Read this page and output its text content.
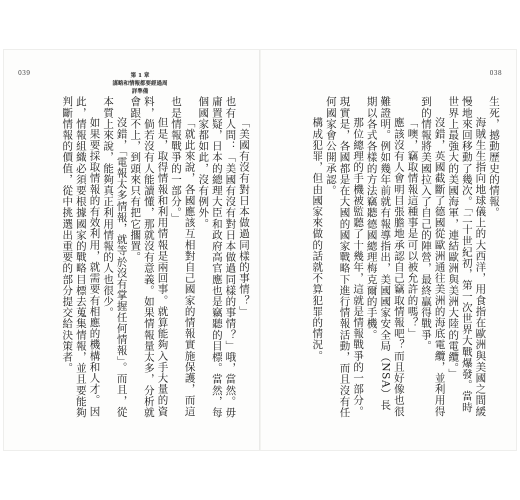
039	038
第 1 章
謀略和情報都要經過周詳準備

「美國有沒有對日本做過同樣的事情？」

也有人問：「美國有沒有對日本做過同樣的事情？」哦，當然。毋庸置疑，日本的總理大臣和政府高官應也是竊聽的目標。當然，每個國家都如此，沒有例外。

「就此來說，各國應該互相對自己國家的情報實施保護，而這也是情報戰爭的一部分。」

但是，取得情報和利用情報是兩回事。就算能夠入手大量的資料，倘若沒有人能讀懂，那就沒有意義。如果情報量太多，分析就會跟不上，到頭來只有把它擱置。

沒錯，「電報太多情報，就等於沒有掌握任何情報」。而且，從本質上來說，能夠真正利用情報的人也很少。

如果要採取情報的有效利用，就需要有相應的機構和人才。因此，情報組織必須要根據國家的戰略目標去蒐集情報，並且要能夠判斷情報的價值，從中挑選出重要的部分提交給決策者。	生死，撼動歷史的情報。

海賊生生指向地球儀上的大西洋，用食指在歐洲與美國之間緩慢地來回移動了幾次。「二十世紀初，第一次世界大戰爆發。當時世界上最強大的美國海軍，連結歐洲與美洲大陸的電纜。」

沒錯，英國截斷了德國從歐洲通往美洲的海底電纜，並利用得到的情報將美國拉入了自己的陣營，最終贏得戰爭。

「噢，竊取情報這種事是可以被允許的嗎？」

應該沒有人會明目張膽地承認自己竊取情報吧？而且好像也很難證明。例如幾年前就有報導指出，美國國家安全局（NSA）長期以各式各樣的方法竊聽德國總理梅克爾的手機。

那位總理的手機被監聽了十幾年，這就是情報戰爭的一部分。現實是，各國都是在大國的國家戰略下進行情報活動，而且沒有任何國家會公開承認。

構成犯罪，但由國家來做的話就不算犯罪的情況。
